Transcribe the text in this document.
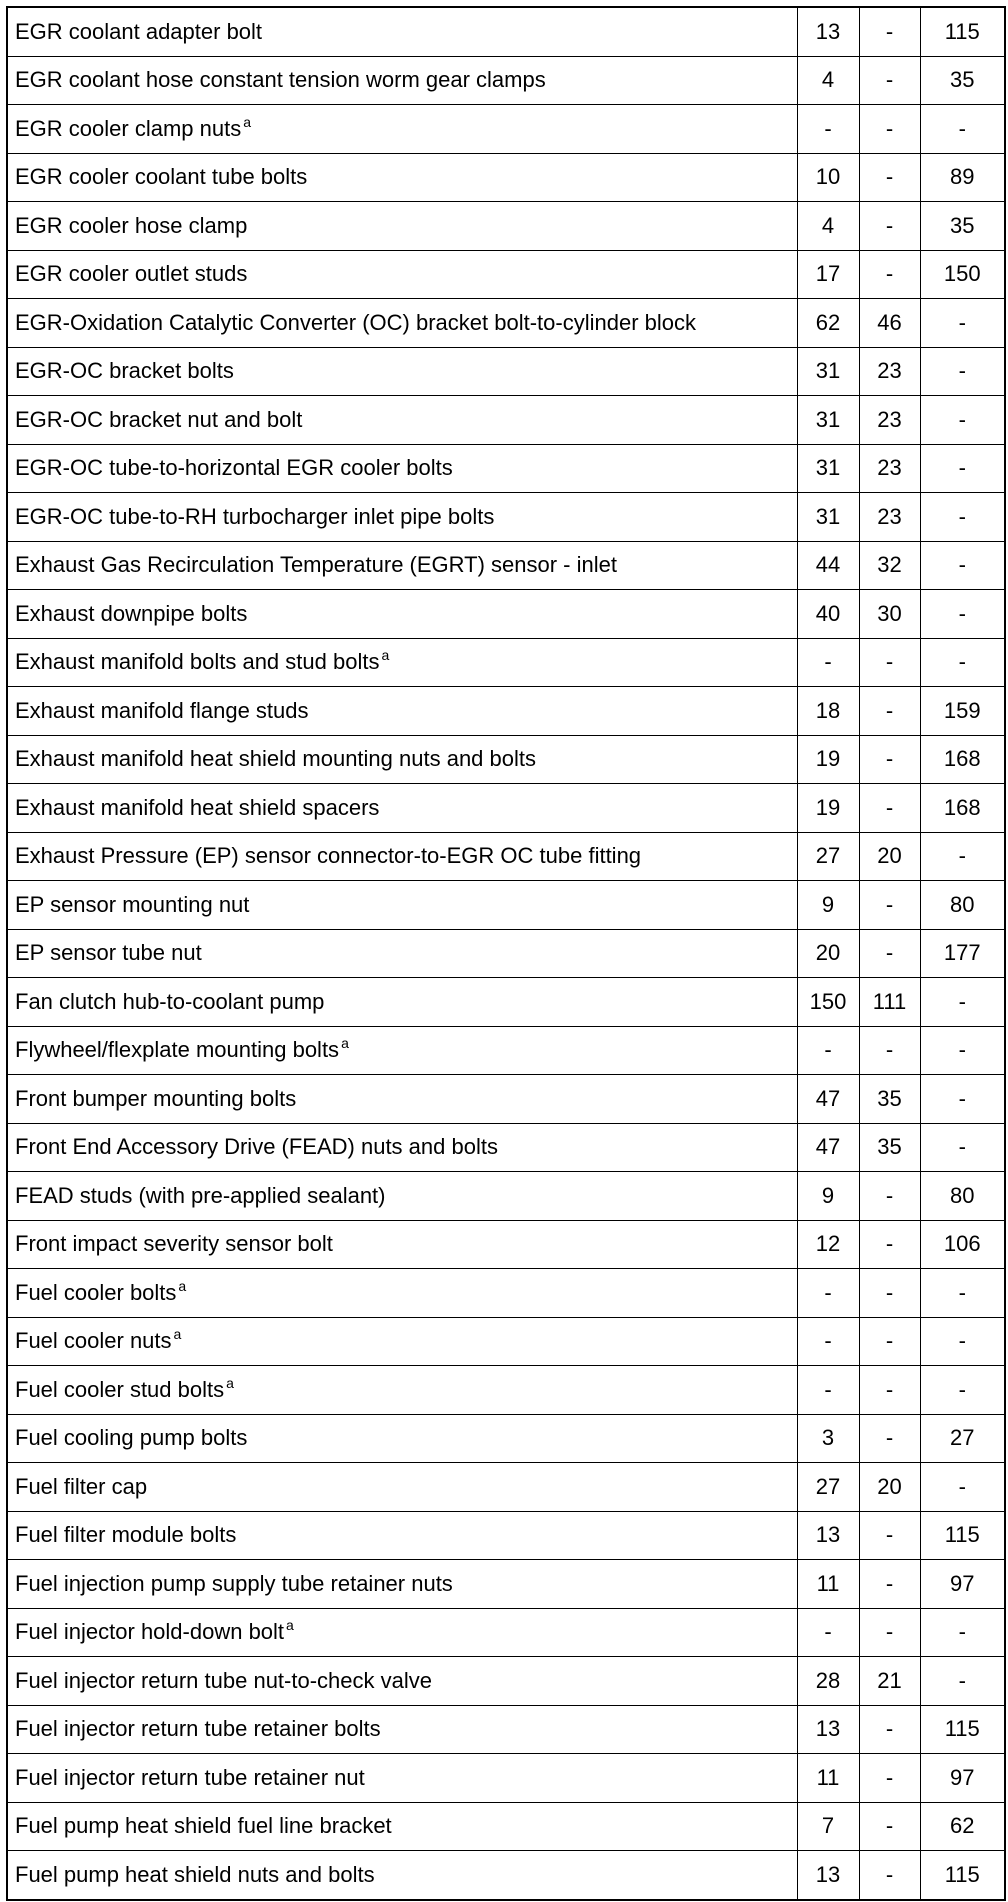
EGR coolant adapter bolt	13	-	115
EGR coolant hose constant tension worm gear clamps	4	-	35
EGR cooler clamp nuts $^a$	-	-	-
EGR cooler coolant tube bolts	10	-	89
EGR cooler hose clamp	4	-	35
EGR cooler outlet studs	17	-	150
EGR-Oxidation Catalytic Converter (OC) bracket bolt-to-cylinder block	62	46	-
EGR-OC bracket bolts	31	23	-
EGR-OC bracket nut and bolt	31	23	-
EGR-OC tube-to-horizontal EGR cooler bolts	31	23	-
EGR-OC tube-to-RH turbocharger inlet pipe bolts	31	23	-
Exhaust Gas Recirculation Temperature (EGRT) sensor - inlet	44	32	-
Exhaust downpipe bolts	40	30	-
Exhaust manifold bolts and stud bolts $^a$	-	-	-
Exhaust manifold flange studs	18	-	159
Exhaust manifold heat shield mounting nuts and bolts	19	-	168
Exhaust manifold heat shield spacers	19	-	168
Exhaust Pressure (EP) sensor connector-to-EGR OC tube fitting	27	20	-
EP sensor mounting nut	9	-	80
EP sensor tube nut	20	-	177
Fan clutch hub-to-coolant pump	150	111	-
Flywheel/flexplate mounting bolts $^a$	-	-	-
Front bumper mounting bolts	47	35	-
Front End Accessory Drive (FEAD) nuts and bolts	47	35	-
FEAD studs (with pre-applied sealant)	9	-	80
Front impact severity sensor bolt	12	-	106
Fuel cooler bolts $^a$	-	-	-
Fuel cooler nuts $^a$	-	-	-
Fuel cooler stud bolts $^a$	-	-	-
Fuel cooling pump bolts	3	-	27
Fuel filter cap	27	20	-
Fuel filter module bolts	13	-	115
Fuel injection pump supply tube retainer nuts	11	-	97
Fuel injector hold-down bolt $^a$	-	-	-
Fuel injector return tube nut-to-check valve	28	21	-
Fuel injector return tube retainer bolts	13	-	115
Fuel injector return tube retainer nut	11	-	97
Fuel pump heat shield fuel line bracket	7	-	62
Fuel pump heat shield nuts and bolts	13	-	115
